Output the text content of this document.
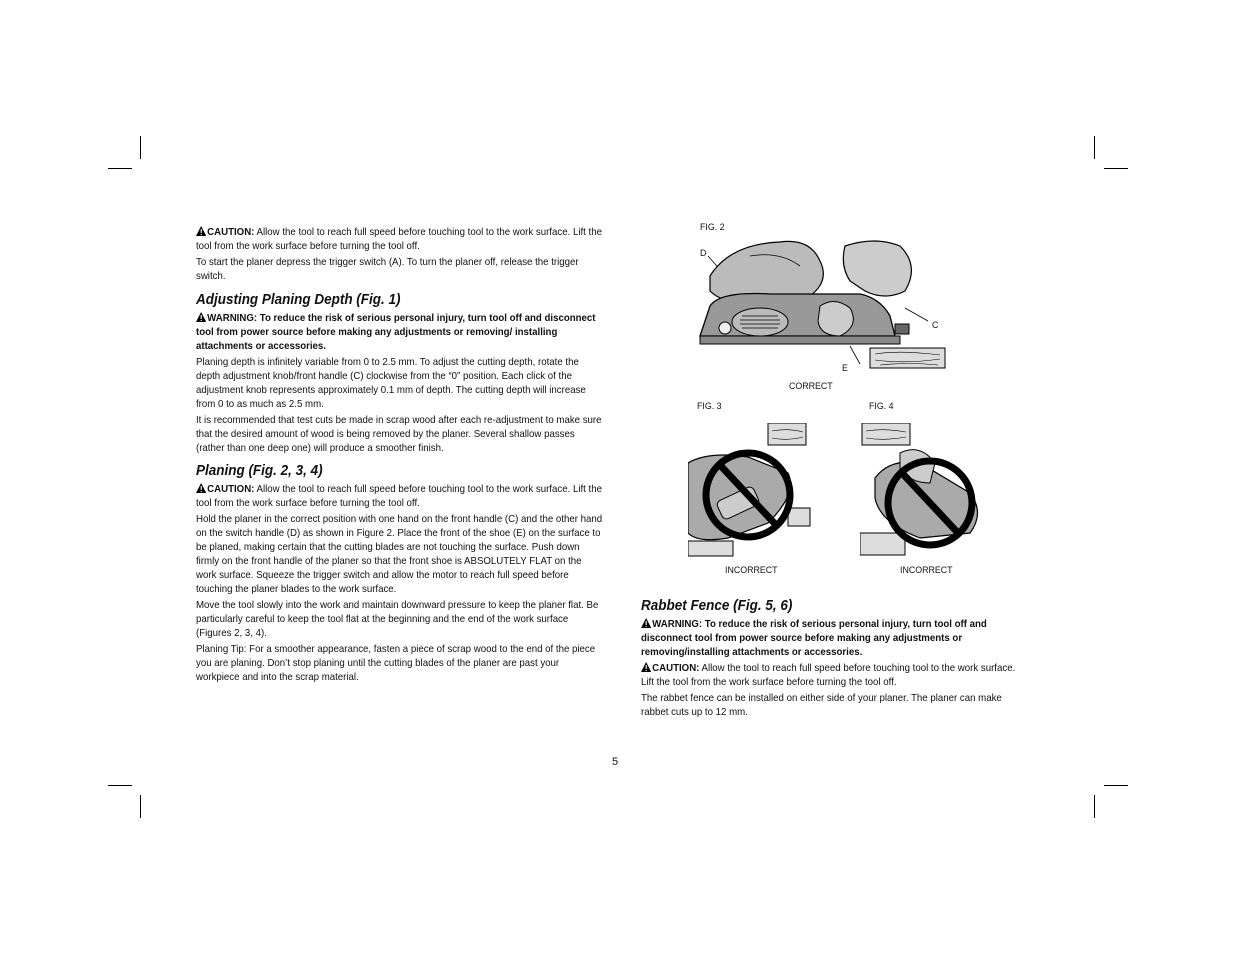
CAUTION: Allow the tool to reach full speed before touching tool to the work surface. Lift the tool from the work surface before turning the tool off.

To start the planer depress the trigger switch (A). To turn the planer off, release the trigger switch.

Adjusting Planing Depth (Fig. 1)

WARNING: To reduce the risk of serious personal injury, turn tool off and disconnect tool from power source before making any adjustments or removing/ installing attachments or accessories.

Planing depth is infinitely variable from 0 to 2.5 mm. To adjust the cutting depth, rotate the depth adjustment knob/front handle (C) clockwise from the “0” position. Each click of the adjustment knob represents approximately 0.1 mm of depth. The cutting depth will increase from 0 to as much as 2.5 mm.

It is recommended that test cuts be made in scrap wood after each re-adjustment to make sure that the desired amount of wood is being removed by the planer. Several shallow passes (rather than one deep one) will produce a smoother finish.

Planing (Fig. 2, 3, 4)

CAUTION: Allow the tool to reach full speed before touching tool to the work surface. Lift the tool from the work surface before turning the tool off.

Hold the planer in the correct position with one hand on the front handle (C) and the other hand on the switch handle (D) as shown in Figure 2. Place the front of the shoe (E) on the surface to be planed, making certain that the cutting blades are not touching the surface. Push down firmly on the front handle of the planer so that the front shoe is ABSOLUTELY FLAT on the work surface. Squeeze the trigger switch and allow the motor to reach full speed before touching the planer blades to the work surface.

Move the tool slowly into the work and maintain downward pressure to keep the planer flat. Be particularly careful to keep the tool flat at the beginning and the end of the work surface (Figures 2, 3, 4).

Planing Tip: For a smoother appearance, fasten a piece of scrap wood to the end of the piece you are planing. Don’t stop planing until the cutting blades of the planer are past your workpiece and into the scrap material.

FIG. 2
D
C
E
CORRECT
FIG. 3
INCORRECT
FIG. 4
INCORRECT
Rabbet Fence (Fig. 5, 6)

WARNING: To reduce the risk of serious personal injury, turn tool off and disconnect tool from power source before making any adjustments or removing/installing attachments or accessories.

CAUTION: Allow the tool to reach full speed before touching tool to the work surface. Lift the tool from the work surface before turning the tool off.

The rabbet fence can be installed on either side of your planer. The planer can make rabbet cuts up to 12 mm.

5
